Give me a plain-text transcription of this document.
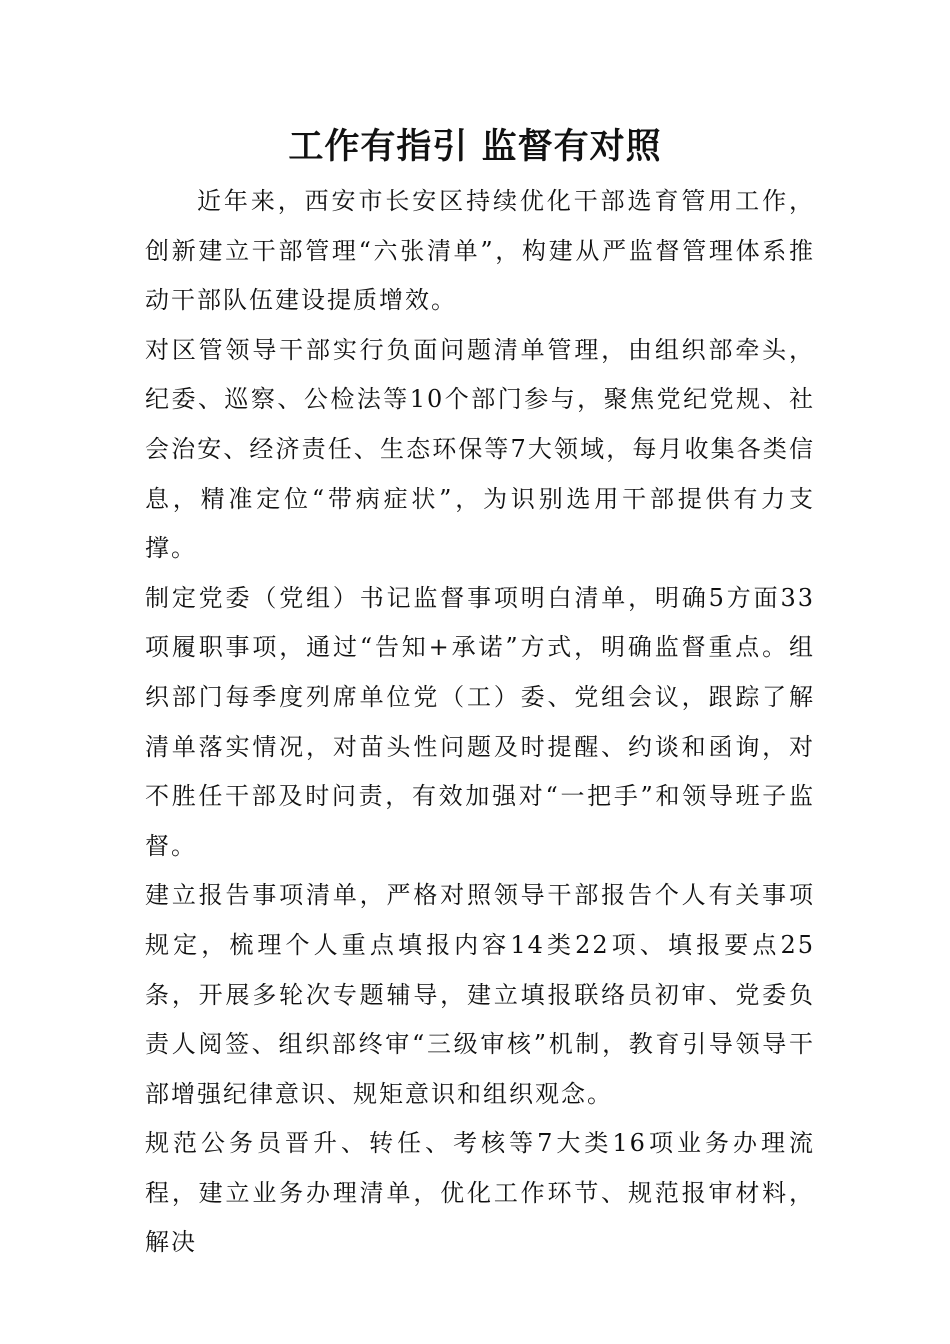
工作有指引 监督有对照

近年来，西安市长安区持续优化干部选育管用工作，创新建立干部管理“六张清单”，构建从严监督管理体系推动干部队伍建设提质增效。

对区管领导干部实行负面问题清单管理，由组织部牵头，纪委、巡察、公检法等10个部门参与，聚焦党纪党规、社会治安、经济责任、生态环保等7大领域，每月收集各类信息，精准定位“带病症状”，为识别选用干部提供有力支撑。

制定党委（党组）书记监督事项明白清单，明确5方面33项履职事项，通过“告知+承诺”方式，明确监督重点。组织部门每季度列席单位党（工）委、党组会议，跟踪了解清单落实情况，对苗头性问题及时提醒、约谈和函询，对不胜任干部及时问责，有效加强对“一把手”和领导班子监督。

建立报告事项清单，严格对照领导干部报告个人有关事项规定，梳理个人重点填报内容14类22项、填报要点25条，开展多轮次专题辅导，建立填报联络员初审、党委负责人阅签、组织部终审“三级审核”机制，教育引导领导干部增强纪律意识、规矩意识和组织观念。

规范公务员晋升、转任、考核等7大类16项业务办理流程，建立业务办理清单，优化工作环节、规范报审材料，解决
